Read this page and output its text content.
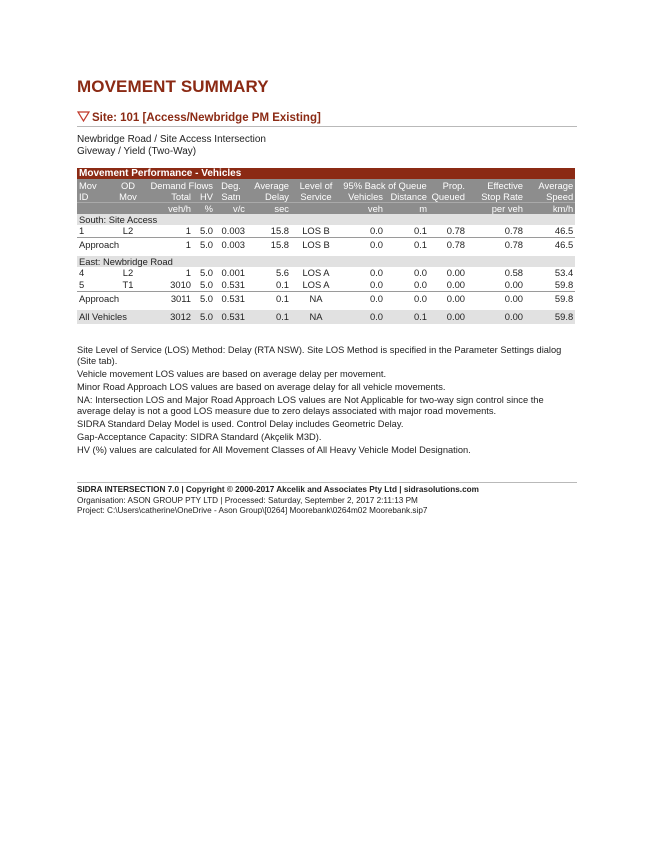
MOVEMENT SUMMARY
Site: 101 [Access/Newbridge PM Existing]
Newbridge Road / Site Access Intersection
Giveway / Yield (Two-Way)
Movement Performance - Vehicles											
Mov	OD	Demand Flows		Deg.	Average	Level of	95% Back of Queue		Prop.	Effective	Average
ID	Mov	Total	HV	Satn	Delay	Service	Vehicles	Distance	Queued	Stop Rate	Speed
		veh/h	%	v/c	sec		veh	m		per veh	km/h
South: Site Access											
1	L2	1	5.0	0.003	15.8	LOS B	0.0	0.1	0.78	0.78	46.5
Approach		1	5.0	0.003	15.8	LOS B	0.0	0.1	0.78	0.78	46.5

East: Newbridge Road											
4	L2	1	5.0	0.001	5.6	LOS A	0.0	0.0	0.00	0.58	53.4
5	T1	3010	5.0	0.531	0.1	LOS A	0.0	0.0	0.00	0.00	59.8
Approach		3011	5.0	0.531	0.1	NA	0.0	0.0	0.00	0.00	59.8

All Vehicles		3012	5.0	0.531	0.1	NA	0.0	0.1	0.00	0.00	59.8

Site Level of Service (LOS) Method: Delay (RTA NSW). Site LOS Method is specified in the Parameter Settings dialog (Site tab).

Vehicle movement LOS values are based on average delay per movement.

Minor Road Approach LOS values are based on average delay for all vehicle movements.

NA: Intersection LOS and Major Road Approach LOS values are Not Applicable for two-way sign control since the average delay is not a good LOS measure due to zero delays associated with major road movements.

SIDRA Standard Delay Model is used. Control Delay includes Geometric Delay.

Gap-Acceptance Capacity: SIDRA Standard (Akçelik M3D).

HV (%) values are calculated for All Movement Classes of All Heavy Vehicle Model Designation.

SIDRA INTERSECTION 7.0 | Copyright © 2000-2017 Akcelik and Associates Pty Ltd | sidrasolutions.com
Organisation: ASON GROUP PTY LTD | Processed: Saturday, September 2, 2017 2:11:13 PM
Project: C:\Users\catherine\OneDrive - Ason Group\[0264] Moorebank\0264m02 Moorebank.sip7
